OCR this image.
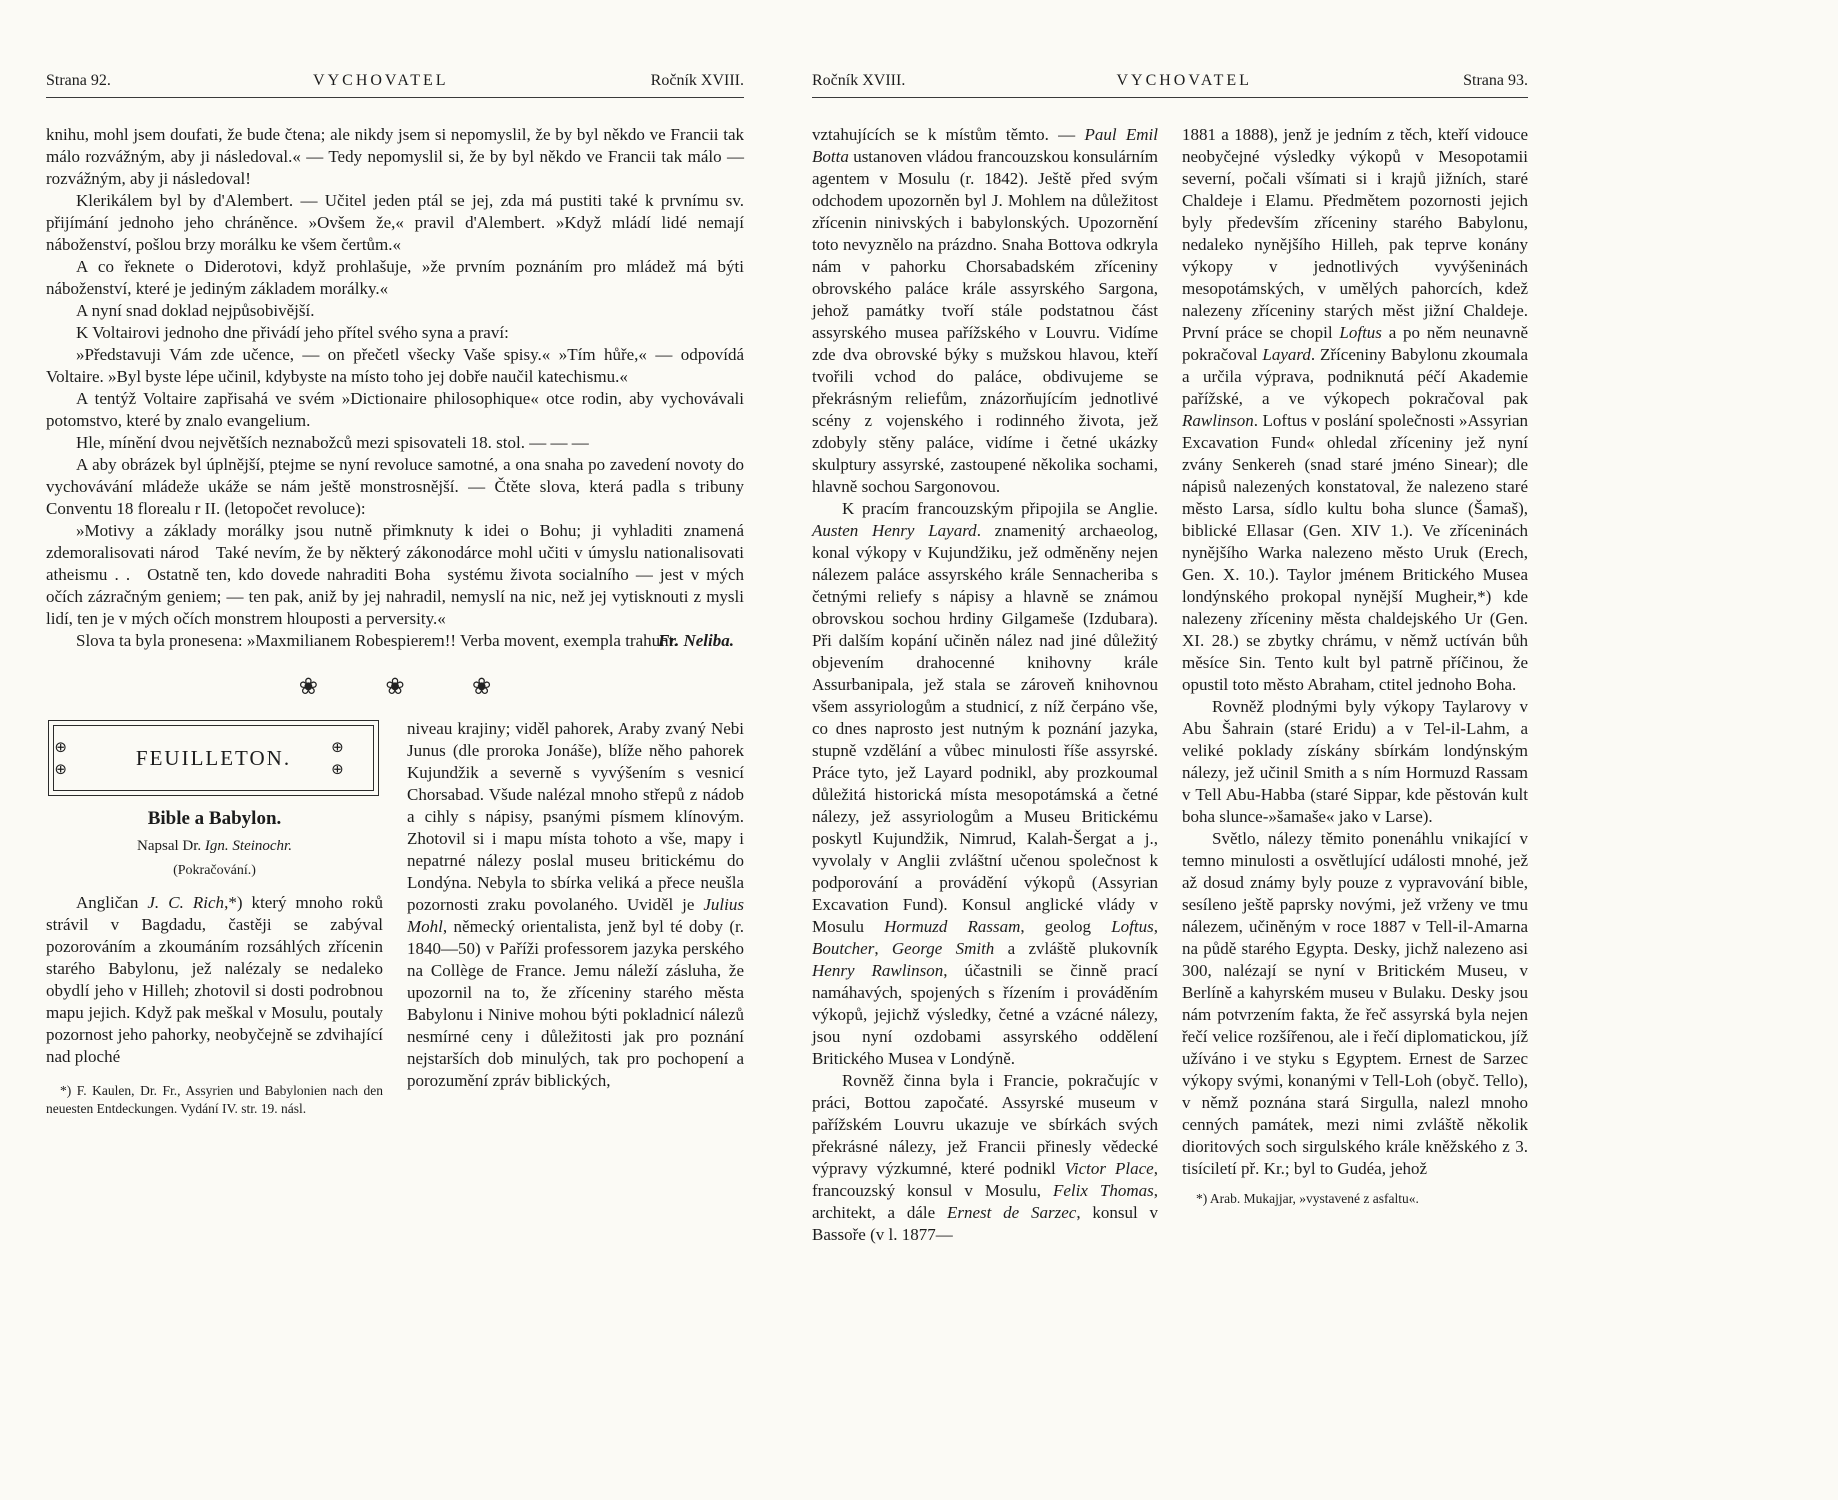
Strana 92.	VYCHOVATEL	Ročník XVIII.

knihu, mohl jsem doufati, že bude čtena; ale nikdy jsem si nepomyslil, že by byl někdo ve Francii tak málo rozvážným, aby ji následoval.« — Tedy nepomyslil si, že by byl někdo ve Francii tak málo — rozvážným, aby ji následoval!

Klerikálem byl by d'Alembert. — Učitel jeden ptál se jej, zda má pustiti také k prvnímu sv. přijímání jednoho jeho chráněnce. »Ovšem že,« pravil d'Alembert. »Když mládí lidé nemají náboženství, pošlou brzy morálku ke všem čertům.«

A co řeknete o Diderotovi, když prohlašuje, »že prvním poznáním pro mládež má býti náboženství, které je jediným základem morálky.«

A nyní snad doklad nejpůsobivější.

K Voltairovi jednoho dne přivádí jeho přítel svého syna a praví:

»Představuji Vám zde učence, — on přečetl všecky Vaše spisy.« »Tím hůře,« — odpovídá Voltaire. »Byl byste lépe učinil, kdybyste na místo toho jej dobře naučil katechismu.«

A tentýž Voltaire zapřisahá ve svém »Dictionaire philosophique« otce rodin, aby vychovávali potomstvo, které by znalo evangelium.

Hle, mínění dvou největších neznabožců mezi spisovateli 18. stol. — — —

A aby obrázek byl úplnější, ptejme se nyní revoluce samotné, a ona snaha po zavedení novoty do vychovávání mládeže ukáže se nám ještě monstrosnější. — Čtěte slova, která padla s tribuny Conventu 18 florealu r II. (letopočet revoluce):

»Motivy a základy morálky jsou nutně přimknuty k idei o Bohu; ji vyhladiti znamená zdemoralisovati národ Také nevím, že by některý zákonodárce mohl učiti v úmyslu nationalisovati atheismu . . Ostatně ten, kdo dovede nahraditi Boha systému života socialního — jest v mých očích zázračným geniem; — ten pak, aniž by jej nahradil, nemyslí na nic, než jej vytisknouti z mysli lidí, ten je v mých očích monstrem hlouposti a perversity.«

Slova ta byla pronesena: »Maxmilianem Robespierem!! Verba movent, exempla trahunt.

Fr. Neliba.
❀ ❀ ❀
⊕ ⊕	FEUILLETON.	⊕ ⊕
Bible a Babylon.
Napsal Dr. Ign. Steinochr.
(Pokračování.)

Angličan J. C. Rich,*) který mnoho roků strávil v Bagdadu, častěji se zabýval pozorováním a zkoumáním rozsáhlých zřícenin starého Babylonu, jež nalézaly se nedaleko obydlí jeho v Hilleh; zhotovil si dosti podrobnou mapu jejich. Když pak meškal v Mosulu, poutaly pozornost jeho pahorky, neobyčejně se zdvihající nad ploché

*) F. Kaulen, Dr. Fr., Assyrien und Babylonien nach den neuesten Entdeckungen. Vydání IV. str. 19. násl.

niveau krajiny; viděl pahorek, Araby zvaný Nebi Junus (dle proroka Jonáše), blíže něho pahorek Kujundžik a severně s vyvýšením s vesnicí Chorsabad. Všude nalézal mnoho střepů z nádob a cihly s nápisy, psanými písmem klínovým. Zhotovil si i mapu místa tohoto a vše, mapy i nepatrné nálezy poslal museu britickému do Londýna. Nebyla to sbírka veliká a přece neušla pozornosti zraku povolaného. Uviděl je Julius Mohl, německý orientalista, jenž byl té doby (r. 1840—50) v Paříži professorem jazyka perského na Collège de France. Jemu náleží zásluha, že upozornil na to, že zříceniny starého města Babylonu i Ninive mohou býti pokladnicí nálezů nesmírné ceny i důležitosti jak pro poznání nejstarších dob minulých, tak pro pochopení a porozumění zpráv biblických,

Ročník XVIII.	VYCHOVATEL	Strana 93.

vztahujících se k místům těmto. — Paul Emil Botta ustanoven vládou francouzskou konsulárním agentem v Mosulu (r. 1842). Ještě před svým odchodem upozorněn byl J. Mohlem na důležitost zřícenin ninivských i babylonských. Upozornění toto nevyznělo na prázdno. Snaha Bottova odkryla nám v pahorku Chorsabadském zříceniny obrovského paláce krále assyrského Sargona, jehož památky tvoří stále podstatnou část assyrského musea pařížského v Louvru. Vidíme zde dva obrovské býky s mužskou hlavou, kteří tvořili vchod do paláce, obdivujeme se překrásným reliefům, znázorňujícím jednotlivé scény z vojenského i rodinného života, jež zdobyly stěny paláce, vidíme i četné ukázky skulptury assyrské, zastoupené několika sochami, hlavně sochou Sargonovou.

K pracím francouzským připojila se Anglie. Austen Henry Layard. znamenitý archaeolog, konal výkopy v Kujundžiku, jež odměněny nejen nálezem paláce assyrského krále Sennacheriba s četnými reliefy s nápisy a hlavně se známou obrovskou sochou hrdiny Gilgameše (Izdubara). Při dalším kopání učiněn nález nad jiné důležitý objevením drahocenné knihovny krále Assurbanipala, jež stala se zároveň knihovnou všem assyriologům a studnicí, z níž čerpáno vše, co dnes naprosto jest nutným k poznání jazyka, stupně vzdělání a vůbec minulosti říše assyrské. Práce tyto, jež Layard podnikl, aby prozkoumal důležitá historická místa mesopotámská a četné nálezy, jež assyriologům a Museu Britickému poskytl Kujundžik, Nimrud, Kalah-Šergat a j., vyvolaly v Anglii zvláštní učenou společnost k podporování a provádění výkopů (Assyrian Excavation Fund). Konsul anglické vlády v Mosulu Hormuzd Rassam, geolog Loftus, Boutcher, George Smith a zvláště plukovník Henry Rawlinson, účastnili se činně prací namáhavých, spojených s řízením i prováděním výkopů, jejichž výsledky, četné a vzácné nálezy, jsou nyní ozdobami assyrského oddělení Britického Musea v Londýně.

Rovněž činna byla i Francie, pokračujíc v práci, Bottou započaté. Assyrské museum v pařížském Louvru ukazuje ve sbírkách svých překrásné nálezy, jež Francii přinesly vědecké výpravy výzkumné, které podnikl Victor Place, francouzský konsul v Mosulu, Felix Thomas, architekt, a dále Ernest de Sarzec, konsul v Bassoře (v l. 1877—

1881 a 1888), jenž je jedním z těch, kteří vidouce neobyčejné výsledky výkopů v Mesopotamii severní, počali všímati si i krajů jižních, staré Chaldeje i Elamu. Předmětem pozornosti jejich byly především zříceniny starého Babylonu, nedaleko nynějšího Hilleh, pak teprve konány výkopy v jednotlivých vyvýšeninách mesopotámských, v umělých pahorcích, kdež nalezeny zříceniny starých měst jižní Chaldeje. První práce se chopil Loftus a po něm neunavně pokračoval Layard. Zříceniny Babylonu zkoumala a určila výprava, podniknutá péčí Akademie pařížské, a ve výkopech pokračoval pak Rawlinson. Loftus v poslání společnosti »Assyrian Excavation Fund« ohledal zříceniny jež nyní zvány Senkereh (snad staré jméno Sinear); dle nápisů nalezených konstatoval, že nalezeno staré město Larsa, sídlo kultu boha slunce (Šamaš), biblické Ellasar (Gen. XIV 1.). Ve zříceninách nynějšího Warka nalezeno město Uruk (Erech, Gen. X. 10.). Taylor jménem Britického Musea londýnského prokopal nynější Mugheir,*) kde nalezeny zříceniny města chaldejského Ur (Gen. XI. 28.) se zbytky chrámu, v němž uctíván bůh měsíce Sin. Tento kult byl patrně příčinou, že opustil toto město Abraham, ctitel jednoho Boha.

Rovněž plodnými byly výkopy Taylarovy v Abu Šahrain (staré Eridu) a v Tel-il-Lahm, a veliké poklady získány sbírkám londýnským nálezy, jež učinil Smith a s ním Hormuzd Rassam v Tell Abu-Habba (staré Sippar, kde pěstován kult boha slunce-»šamaše« jako v Larse).

Světlo, nálezy těmito ponenáhlu vnikající v temno minulosti a osvětlující události mnohé, jež až dosud známy byly pouze z vypravování bible, sesíleno ještě paprsky novými, jež vrženy ve tmu nálezem, učiněným v roce 1887 v Tell-il-Amarna na půdě starého Egypta. Desky, jichž nalezeno asi 300, nalézají se nyní v Britickém Museu, v Berlíně a kahyrském museu v Bulaku. Desky jsou nám potvrzením fakta, že řeč assyrská byla nejen řečí velice rozšířenou, ale i řečí diplomatickou, jíž užíváno i ve styku s Egyptem. Ernest de Sarzec výkopy svými, konanými v Tell-Loh (obyč. Tello), v němž poznána stará Sirgulla, nalezl mnoho cenných památek, mezi nimi zvláště několik dioritových soch sirgulského krále kněžského z 3. tisíciletí př. Kr.; byl to Gudéa, jehož

*) Arab. Mukajjar, »vystavené z asfaltu«.
